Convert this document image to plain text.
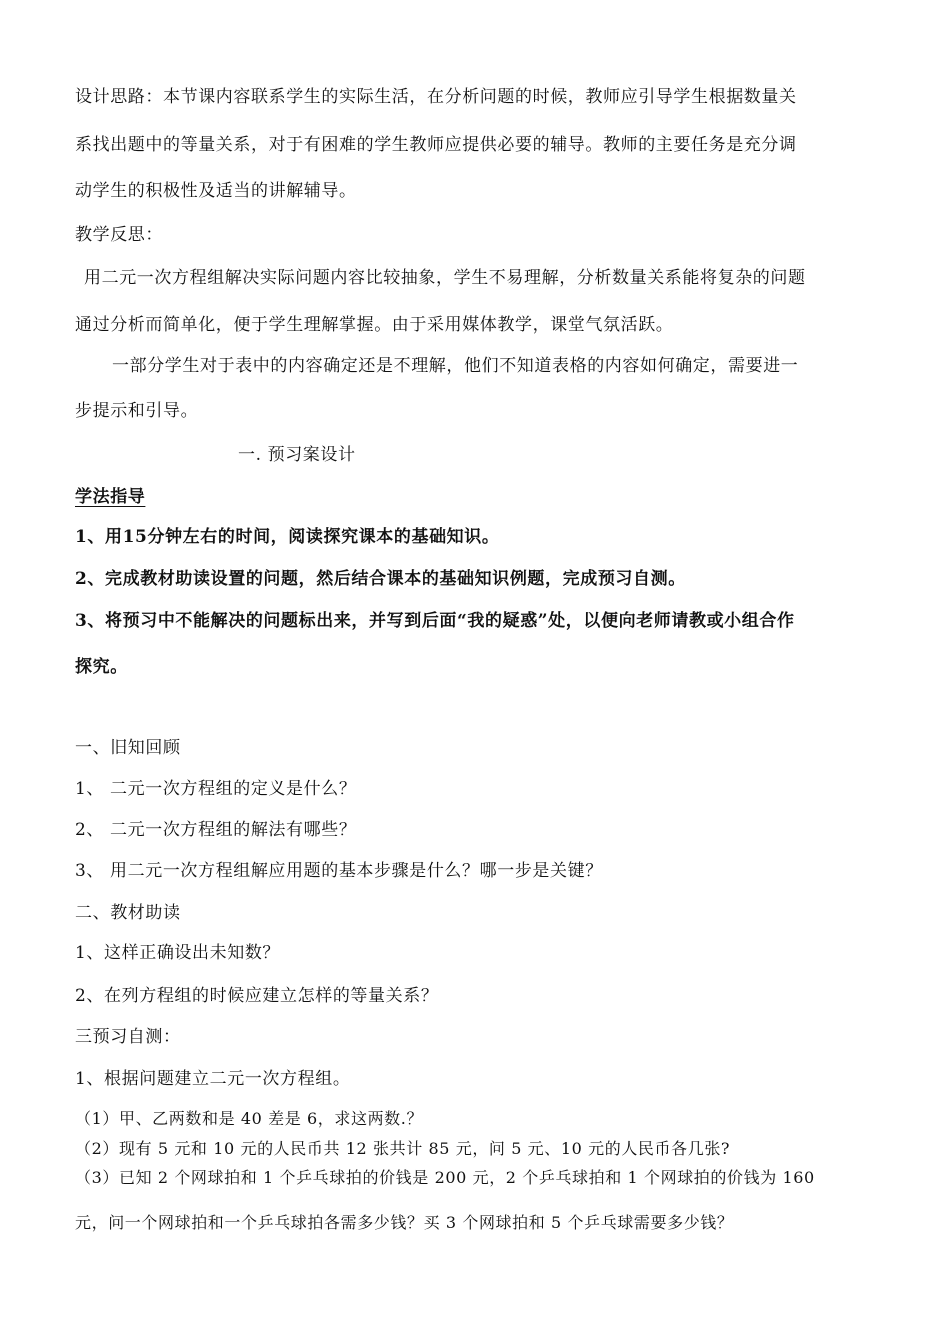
设计思路：本节课内容联系学生的实际生活，在分析问题的时候，教师应引导学生根据数量关
系找出题中的等量关系，对于有困难的学生教师应提供必要的辅导。教师的主要任务是充分调
动学生的积极性及适当的讲解辅导。
教学反思：
用二元一次方程组解决实际问题内容比较抽象，学生不易理解，分析数量关系能将复杂的问题
通过分析而简单化，便于学生理解掌握。由于采用媒体教学，课堂气氛活跃。
一部分学生对于表中的内容确定还是不理解，他们不知道表格的内容如何确定，需要进一
步提示和引导。
一. 预习案设计
学法指导
1、用15分钟左右的时间，阅读探究课本的基础知识。
2、完成教材助读设置的问题，然后结合课本的基础知识例题，完成预习自测。
3、将预习中不能解决的问题标出来，并写到后面“我的疑惑”处，以便向老师请教或小组合作
探究。
一、旧知回顾
1、 二元一次方程组的定义是什么？
2、 二元一次方程组的解法有哪些？
3、 用二元一次方程组解应用题的基本步骤是什么？哪一步是关键？
二、教材助读
1、这样正确设出未知数？
2、在列方程组的时候应建立怎样的等量关系？
三预习自测：
1、根据问题建立二元一次方程组。
（1）甲、乙两数和是 40 差是 6，求这两数.？
（2）现有 5 元和 10 元的人民币共 12 张共计 85 元，问 5 元、10 元的人民币各几张?
（3）已知 2 个网球拍和 1 个乒乓球拍的价钱是 200 元，2 个乒乓球拍和 1 个网球拍的价钱为 160
元，问一个网球拍和一个乒乓球拍各需多少钱？买 3 个网球拍和 5 个乒乓球需要多少钱？
